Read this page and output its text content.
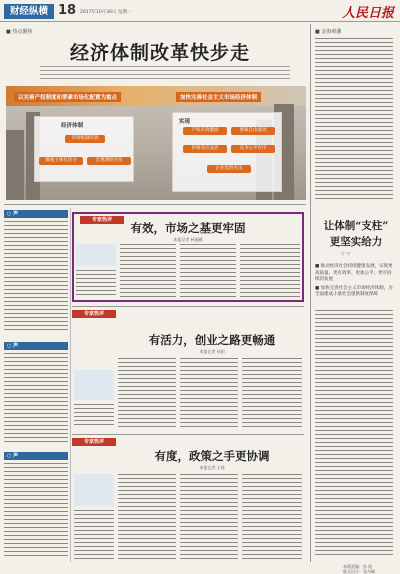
财经纵横 18 2017年10月30日 星期一	人民日报
■ 热点聚焦
经济体制改革快步走
以完善产权制度和要素市场化配置为重点	加快完善社会主义市场经济体制
经济体制
市场机制有效
微观主体有活力	宏观调控有度
实现
产权有效激励	要素自由流动
价格反应灵活	竞争公平有序
企业优胜劣汰
○ 声
○ 声
○ 声
专家热评
有效，市场之基更牢固
本报记者 林丽鹂
专家热评
有活力，创业之路更畅通
本报记者 孙阳
专家热评
有度，政策之手更协调
本报记者 王观
■ 金海观潮
让体制“支柱”
更坚实给力
于 宁
■ 推动经济社会持续健康发展、实现更高质量、更有效率、更加公平、更可持续的发展
■ 加快完善社会主义市场经济体制，为全面建成小康社会提供制度保障
本版责编：孙 阳
版式设计：张丹峰
